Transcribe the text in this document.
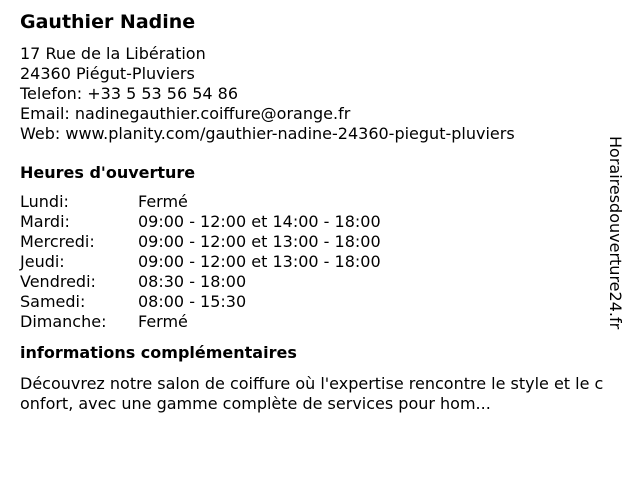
Gauthier Nadine
17 Rue de la Libération
24360 Piégut-Pluviers
Telefon: +33 5 53 56 54 86
Email: nadinegauthier.coiffure@orange.fr
Web: www.planity.com/gauthier-nadine-24360-piegut-pluviers
Heures d'ouverture
Lundi:	Fermé
Mardi:	09:00 - 12:00 et 14:00 - 18:00
Mercredi:	09:00 - 12:00 et 13:00 - 18:00
Jeudi:	09:00 - 12:00 et 13:00 - 18:00
Vendredi:	08:30 - 18:00
Samedi:	08:00 - 15:30
Dimanche:	Fermé
informations complémentaires
Découvrez notre salon de coiffure où l'expertise rencontre le style et le confort, avec une gamme complète de services pour hom...
Horairesdouverture24.fr
